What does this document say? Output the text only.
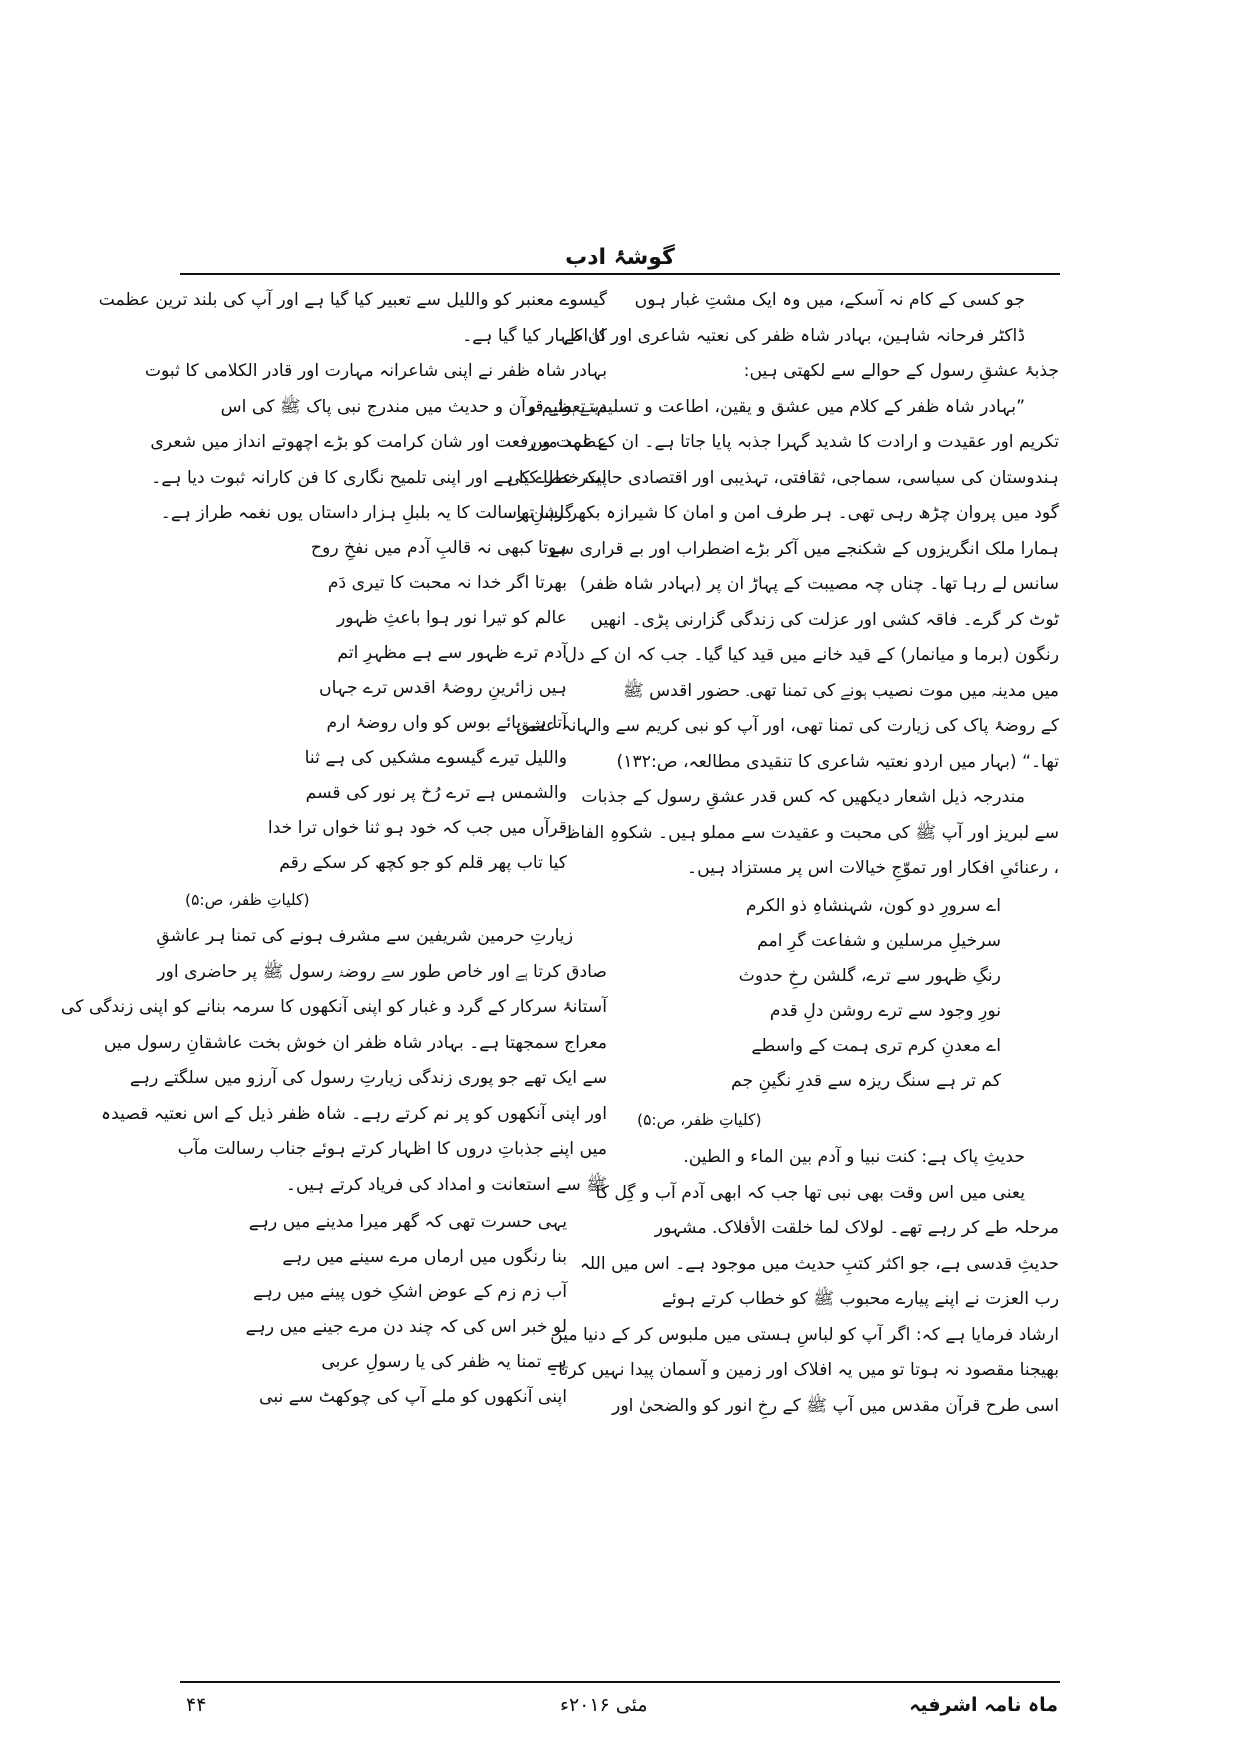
گوشۂ ادب
جو کسی کے کام نہ آسکے، میں وہ ایک مشتِ غبار ہوں
ڈاکٹر فرحانہ شاہین، بہادر شاہ ظفر کی نعتیہ شاعری اور ان کے
جذبۂ عشقِ رسول کے حوالے سے لکھتی ہیں:
”بہادر شاہ ظفر کے کلام میں عشق و یقین، اطاعت و تسلیم، تعظیم و
تکریم اور عقیدت و ارادت کا شدید گہرا جذبہ پایا جاتا ہے۔ ان کے عہد میں
ہندوستان کی سیاسی، سماجی، ثقافتی، تہذیبی اور اقتصادی حالت خطرے کی
گود میں پروان چڑھ رہی تھی۔ ہر طرف امن و امان کا شیرازہ بکھر رہا تھا۔
ہمارا ملک انگریزوں کے شکنجے میں آکر بڑے اضطراب اور بے قراری سے
سانس لے رہا تھا۔ چناں چہ مصیبت کے پہاڑ ان پر (بہادر شاہ ظفر)
ٹوٹ کر گرے۔ فاقہ کشی اور عزلت کی زندگی گزارنی پڑی۔ انھیں
رنگون (برما و میانمار) کے قید خانے میں قید کیا گیا۔ جب کہ ان کے دل
میں مدینہ میں موت نصیب ہونے کی تمنا تھی۔ حضور اقدس ﷺ
کے روضۂ پاک کی زیارت کی تمنا تھی، اور آپ کو نبی کریم سے والہانہ عشق
تھا۔“ (بہار میں اردو نعتیہ شاعری کا تنقیدی مطالعہ، ص:۱۳۲)
مندرجہ ذیل اشعار دیکھیں کہ کس قدر عشقِ رسول کے جذبات
سے لبریز اور آپ ﷺ کی محبت و عقیدت سے مملو ہیں۔ شکوہِ الفاظ
، رعنائیِ افکار اور تموّجِ خیالات اس پر مستزاد ہیں۔
اے سرورِ دو کون، شہنشاہِ ذو الکرم
سرخیلِ مرسلین و شفاعت گرِ امم
رنگِ ظہور سے ترے، گلشن رخِ حدوث
نورِ وجود سے ترے روشن دلِ قدم
اے معدنِ کرم تری ہمت کے واسطے
کم تر ہے سنگ ریزہ سے قدرِ نگینِ جم
(کلیاتِ ظفر، ص:۵)
حدیثِ پاک ہے: کنت نبیا و آدم بین الماء و الطین.
یعنی میں اس وقت بھی نبی تھا جب کہ ابھی آدم آب و گِل کا
مرحلہ طے کر رہے تھے۔ لولاک لما خلقت الأفلاک. مشہور
حدیثِ قدسی ہے، جو اکثر کتبِ حدیث میں موجود ہے۔ اس میں اللہ
رب العزت نے اپنے پیارے محبوب ﷺ کو خطاب کرتے ہوئے
ارشاد فرمایا ہے کہ: اگر آپ کو لباسِ ہستی میں ملبوس کر کے دنیا میں
بھیجنا مقصود نہ ہوتا تو میں یہ افلاک اور زمین و آسمان پیدا نہیں کرتا۔
اسی طرح قرآن مقدس میں آپ ﷺ کے رخِ انور کو والضحیٰ اور
گیسوے معنبر کو واللیل سے تعبیر کیا گیا ہے اور آپ کی بلند ترین عظمت
کا اظہار کیا گیا ہے۔
بہادر شاہ ظفر نے اپنی شاعرانہ مہارت اور قادر الکلامی کا ثبوت
دیتے ہوئے قرآن و حدیث میں مندرج نبی پاک ﷺ کی اس
عظمت و رفعت اور شان کرامت کو بڑے اچھوتے انداز میں شعری
پیکر عطا کیا ہے اور اپنی تلمیح نگاری کا فن کارانہ ثبوت دیا ہے۔
گلشنِ رسالت کا یہ بلبلِ ہزار داستاں یوں نغمہ طراز ہے۔
ہوتا کبھی نہ قالبِ آدم میں نفخِ روح
بھرتا اگر خدا نہ محبت کا تیری دَم
عالم کو تیرا نور ہوا باعثِ ظہور
آدم ترے ظہور سے ہے مظہرِ اتم
ہیں زائرینِ روضۂ اقدس ترے جہاں
آتا ہے پائے بوس کو واں روضۂ ارم
واللیل تیرے گیسوے مشکیں کی ہے ثنا
والشمس ہے ترے رُخ پر نور کی قسم
قرآں میں جب کہ خود ہو ثنا خواں ترا خدا
کیا تاب پھر قلم کو جو کچھ کر سکے رقم
(کلیاتِ ظفر، ص:۵)
زیارتِ حرمین شریفین سے مشرف ہونے کی تمنا ہر عاشقِ
صادق کرتا ہے اور خاص طور سے روضۂ رسول ﷺ پر حاضری اور
آستانۂ سرکار کے گرد و غبار کو اپنی آنکھوں کا سرمہ بنانے کو اپنی زندگی کی
معراج سمجھتا ہے۔ بہادر شاہ ظفر ان خوش بخت عاشقانِ رسول میں
سے ایک تھے جو پوری زندگی زیارتِ رسول کی آرزو میں سلگتے رہے
اور اپنی آنکھوں کو پر نم کرتے رہے۔ شاہ ظفر ذیل کے اس نعتیہ قصیدہ
میں اپنے جذباتِ دروں کا اظہار کرتے ہوئے جناب رسالت مآب
ﷺ سے استعانت و امداد کی فریاد کرتے ہیں۔
یہی حسرت تھی کہ گھر میرا مدینے میں رہے
بنا رنگوں میں ارماں مرے سینے میں رہے
آب زم زم کے عوض اشکِ خوں پینے میں رہے
لو خبر اس کی کہ چند دن مرے جینے میں رہے
ہے تمنا یہ ظفر کی یا رسولِ عربی
اپنی آنکھوں کو ملے آپ کی چوکھٹ سے نبی
ماہ نامہ اشرفیہ
مئی ۲۰۱۶ء
۴۴
